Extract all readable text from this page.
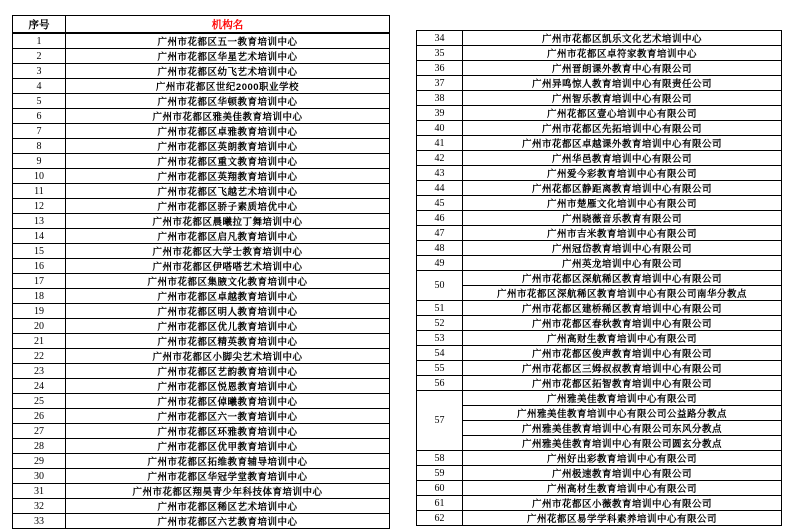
序号	机构名
1	广州市花都区五一教育培训中心
2	广州市花都区华星艺术培训中心
3	广州市花都区幼飞艺术培训中心
4	广州市花都区世纪2000职业学校
5	广州市花都区华顿教育培训中心
6	广州市花都区雅美佳教育培训中心
7	广州市花都区卓雅教育培训中心
8	广州市花都区英朗教育培训中心
9	广州市花都区重文教育培训中心
10	广州市花都区英翔教育培训中心
11	广州市花都区飞越艺术培训中心
12	广州市花都区骄子素质培优中心
13	广州市花都区晨曦拉丁舞培训中心
14	广州市花都区启凡教育培训中心
15	广州市花都区大学士教育培训中心
16	广州市花都区伊嗒嗒艺术培训中心
17	广州市花都区集腋文化教育培训中心
18	广州市花都区卓越教育培训中心
19	广州市花都区明人教育培训中心
20	广州市花都区优儿教育培训中心
21	广州市花都区精英教育培训中心
22	广州市花都区小脚尖艺术培训中心
23	广州市花都区艺韵教育培训中心
24	广州市花都区悦恩教育培训中心
25	广州市花都区倬曦教育培训中心
26	广州市花都区六一教育培训中心
27	广州市花都区环雅教育培训中心
28	广州市花都区优甲教育培训中心
29	广州市花都区拓维教育辅导培训中心
30	广州市花都区华冠学堂教育培训中心
31	广州市花都区翔昊青少年科技体育培训中心
32	广州市花都区稀区艺术培训中心
33	广州市花都区六艺教育培训中心
34	广州市花都区凯乐文化艺术培训中心
35	广州市花都区卓符家教育培训中心
36	广州晋朗课外教育中心有限公司
37	广州异鸣惊人教育培训中心有限责任公司
38	广州智乐教育培训中心有限公司
39	广州花都区壹心培训中心有限公司
40	广州市花都区先拓培训中心有限公司
41	广州市花都区卓越课外教育培训中心有限公司
42	广州华邑教育培训中心有限公司
43	广州爱今彩教育培训中心有限公司
44	广州花都区静距离教育培训中心有限公司
45	广州市楚雁文化培训中心有限公司
46	广州晓薇音乐教育有限公司
47	广州市吉米教育培训中心有限公司
48	广州冠岱教育培训中心有限公司
49	广州英龙培训中心有限公司
50	广州市花都区深航稀区教育培训中心有限公司
	广州市花都区深航稀区教育培训中心有限公司南华分教点
51	广州市花都区建桥稀区教育培训中心有限公司
52	广州市花都区春秋教育培训中心有限公司
53	广州高财生教育培训中心有限公司
54	广州市花都区俊声教育培训中心有限公司
55	广州市花都区三姆叔叔教育培训中心有限公司
56	广州市花都区拓智教育培训中心有限公司
57	广州雅美佳教育培训中心有限公司
	广州雅美佳教育培训中心有限公司公益路分教点
	广州雅美佳教育培训中心有限公司东风分教点
	广州雅美佳教育培训中心有限公司圆玄分教点
58	广州好出彩教育培训中心有限公司
59	广州极速教育培训中心有限公司
60	广州高材生教育培训中心有限公司
61	广州市花都区小薇教育培训中心有限公司
62	广州花都区易学学科素养培训中心有限公司
